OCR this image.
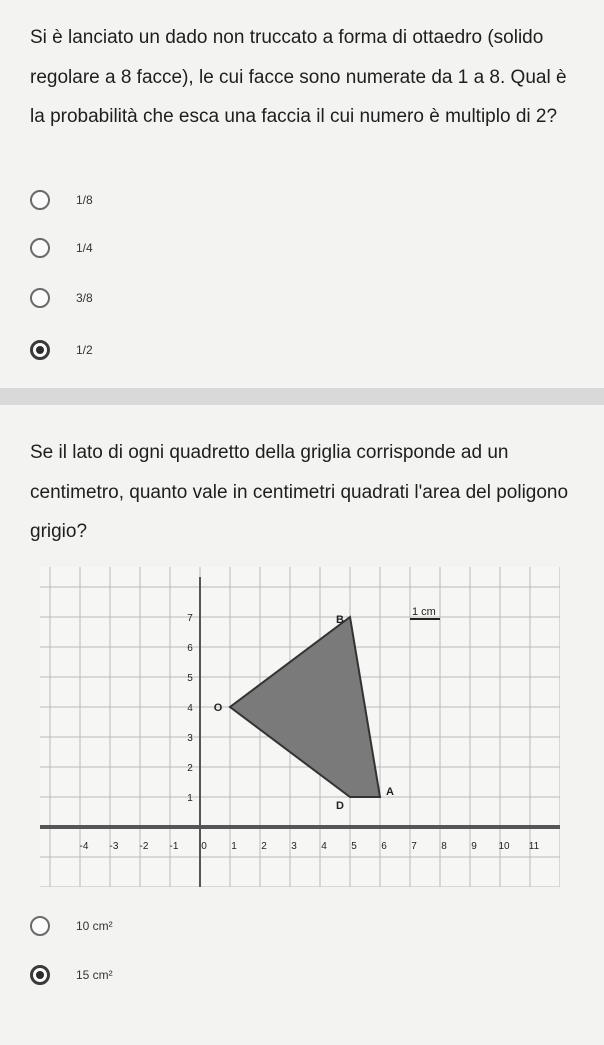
Si è lanciato un dado non truccato a forma di ottaedro (solido regolare a 8 facce), le cui facce sono numerate da 1 a 8. Qual è la probabilità che esca una faccia il cui numero è multiplo di 2?

1/8
1/4
3/8
1/2

Se il lato di ogni quadretto della griglia corrisponde ad un centimetro, quanto vale in centimetri quadrati l'area del poligono grigio?

-4 -3 -2 -1 0 1 2 3 4 5 6 7 8 9 10 11
1
2
3
4
5
6
7	B
A
D
O
1 cm
10 cm²
15 cm²
